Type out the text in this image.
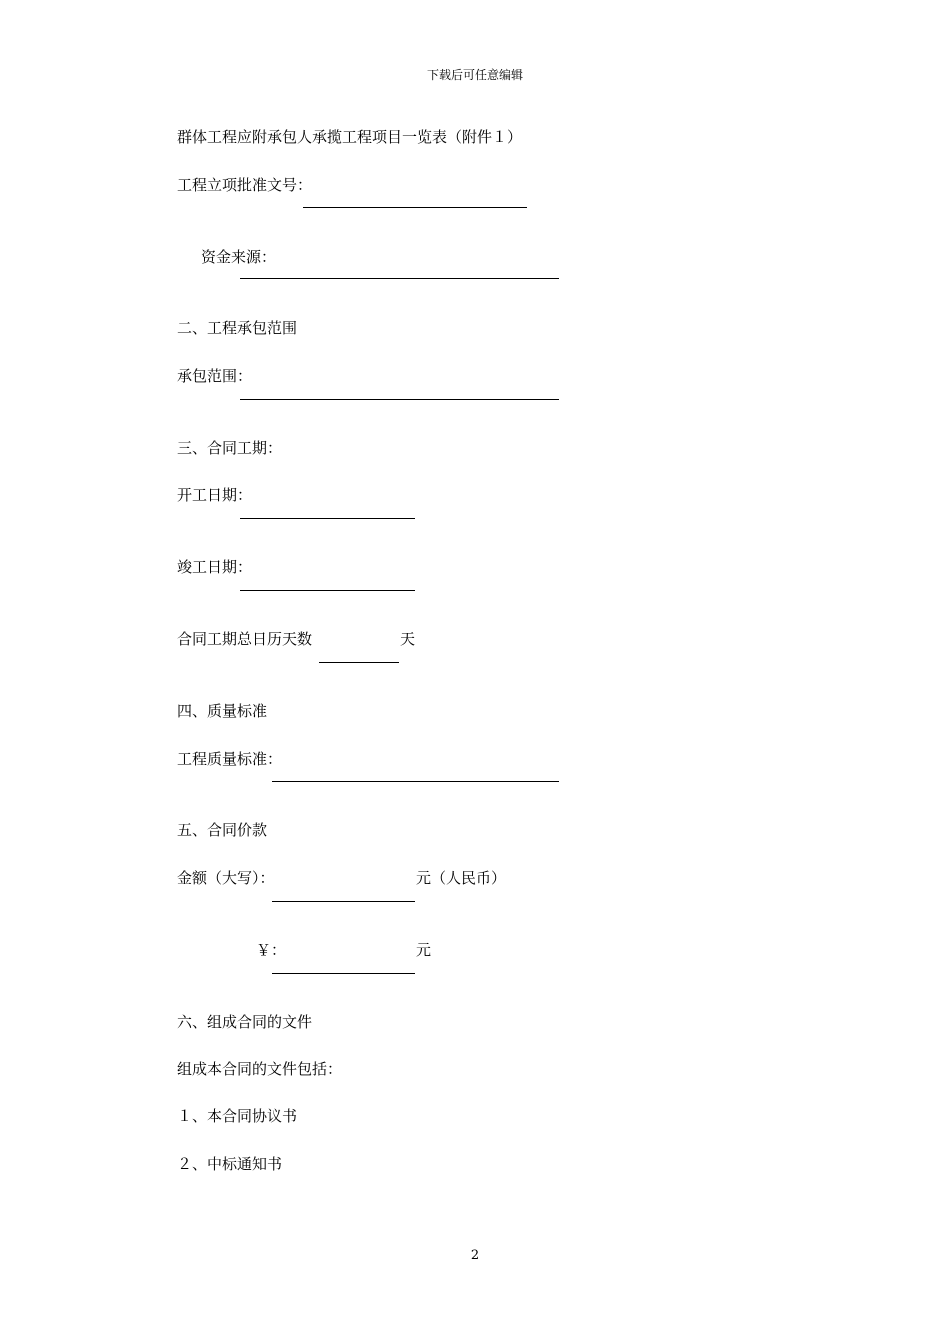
下载后可任意编辑
群体工程应附承包人承揽工程项目一览表（附件１）
工程立项批准文号：
资金来源：
二、工程承包范围
承包范围：
三、合同工期：
开工日期：
竣工日期：
合同工期总日历天数	天
四、质量标准
工程质量标准：
五、合同价款
金额（大写）：	元（人民币）
￥：	元
六、组成合同的文件
组成本合同的文件包括：
１、本合同协议书
２、中标通知书
2
